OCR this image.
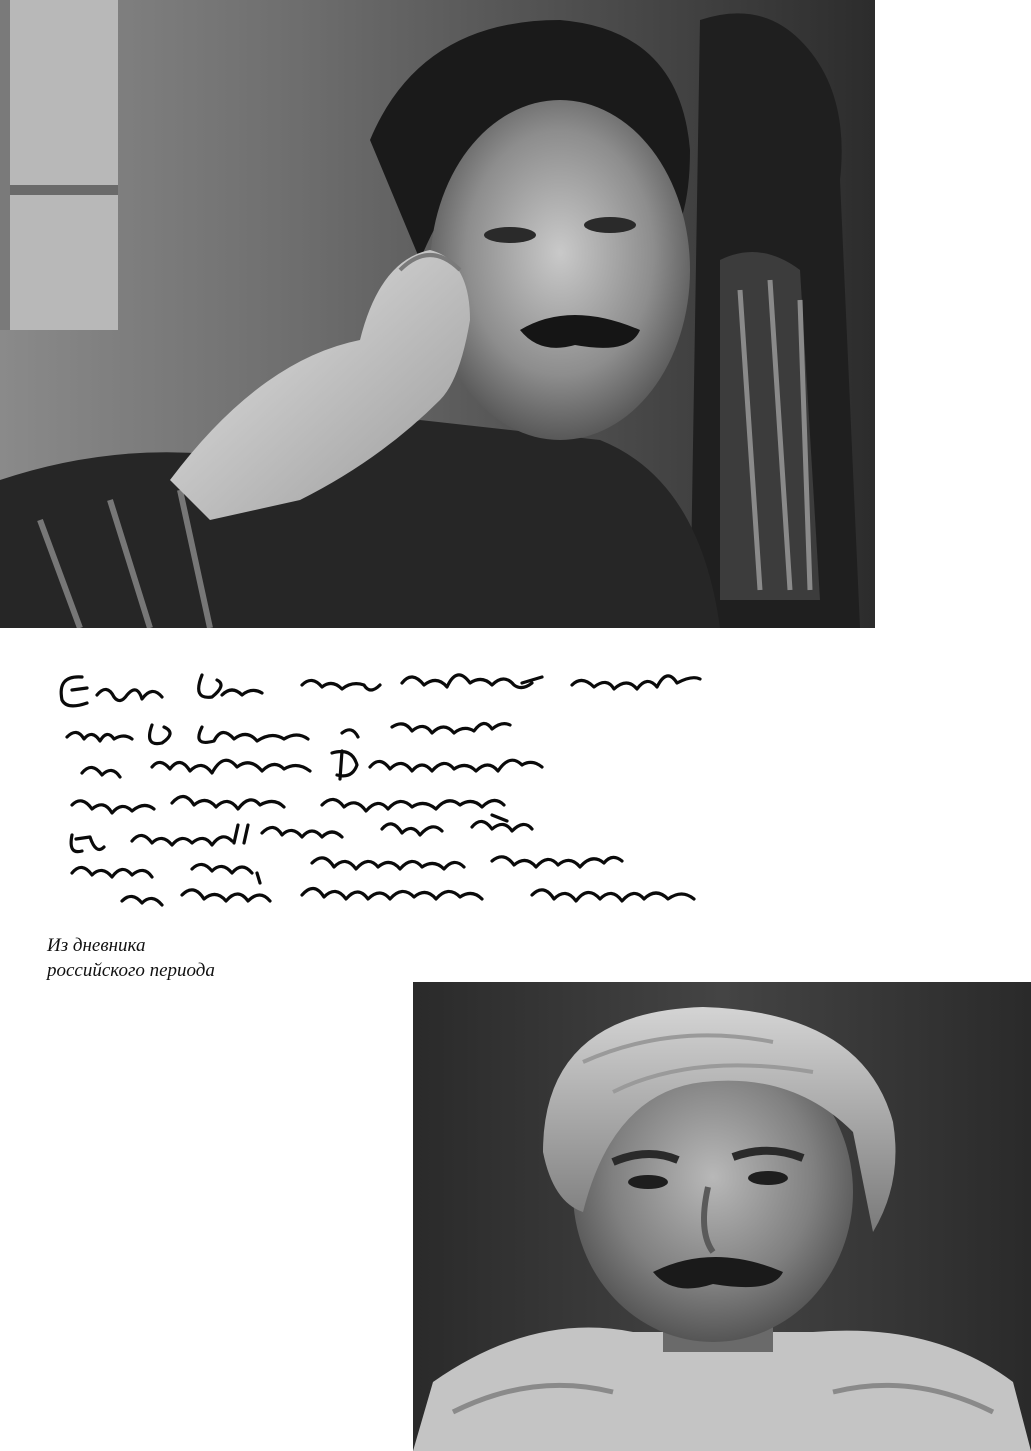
Из дневника
российского периода
